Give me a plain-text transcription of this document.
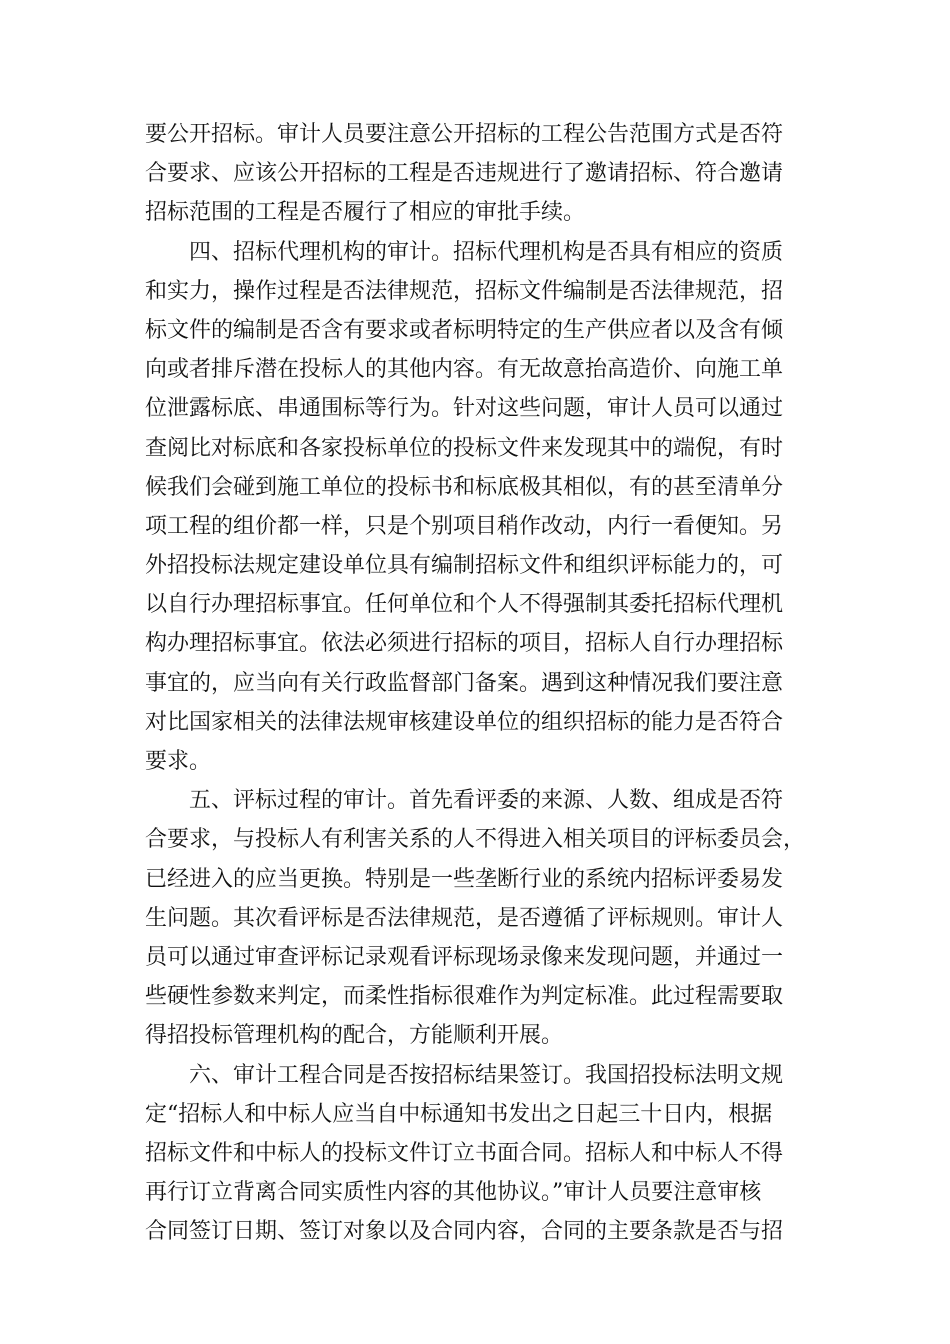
要公开招标。审计人员要注意公开招标的工程公告范围方式是否符
合要求、应该公开招标的工程是否违规进行了邀请招标、符合邀请
招标范围的工程是否履行了相应的审批手续。
四、招标代理机构的审计。招标代理机构是否具有相应的资质
和实力，操作过程是否法律规范，招标文件编制是否法律规范，招
标文件的编制是否含有要求或者标明特定的生产供应者以及含有倾
向或者排斥潜在投标人的其他内容。有无故意抬高造价、向施工单
位泄露标底、串通围标等行为。针对这些问题，审计人员可以通过
查阅比对标底和各家投标单位的投标文件来发现其中的端倪，有时
候我们会碰到施工单位的投标书和标底极其相似，有的甚至清单分
项工程的组价都一样，只是个别项目稍作改动，内行一看便知。另
外招投标法规定建设单位具有编制招标文件和组织评标能力的，可
以自行办理招标事宜。任何单位和个人不得强制其委托招标代理机
构办理招标事宜。依法必须进行招标的项目，招标人自行办理招标
事宜的，应当向有关行政监督部门备案。遇到这种情况我们要注意
对比国家相关的法律法规审核建设单位的组织招标的能力是否符合
要求。
五、评标过程的审计。首先看评委的来源、人数、组成是否符
合要求，与投标人有利害关系的人不得进入相关项目的评标委员会，
已经进入的应当更换。特别是一些垄断行业的系统内招标评委易发
生问题。其次看评标是否法律规范，是否遵循了评标规则。审计人
员可以通过审查评标记录观看评标现场录像来发现问题，并通过一
些硬性参数来判定，而柔性指标很难作为判定标准。此过程需要取
得招投标管理机构的配合，方能顺利开展。
六、审计工程合同是否按招标结果签订。我国招投标法明文规
定“招标人和中标人应当自中标通知书发出之日起三十日内，根据
招标文件和中标人的投标文件订立书面合同。招标人和中标人不得
再行订立背离合同实质性内容的其他协议。”审计人员要注意审核
合同签订日期、签订对象以及合同内容，合同的主要条款是否与招
